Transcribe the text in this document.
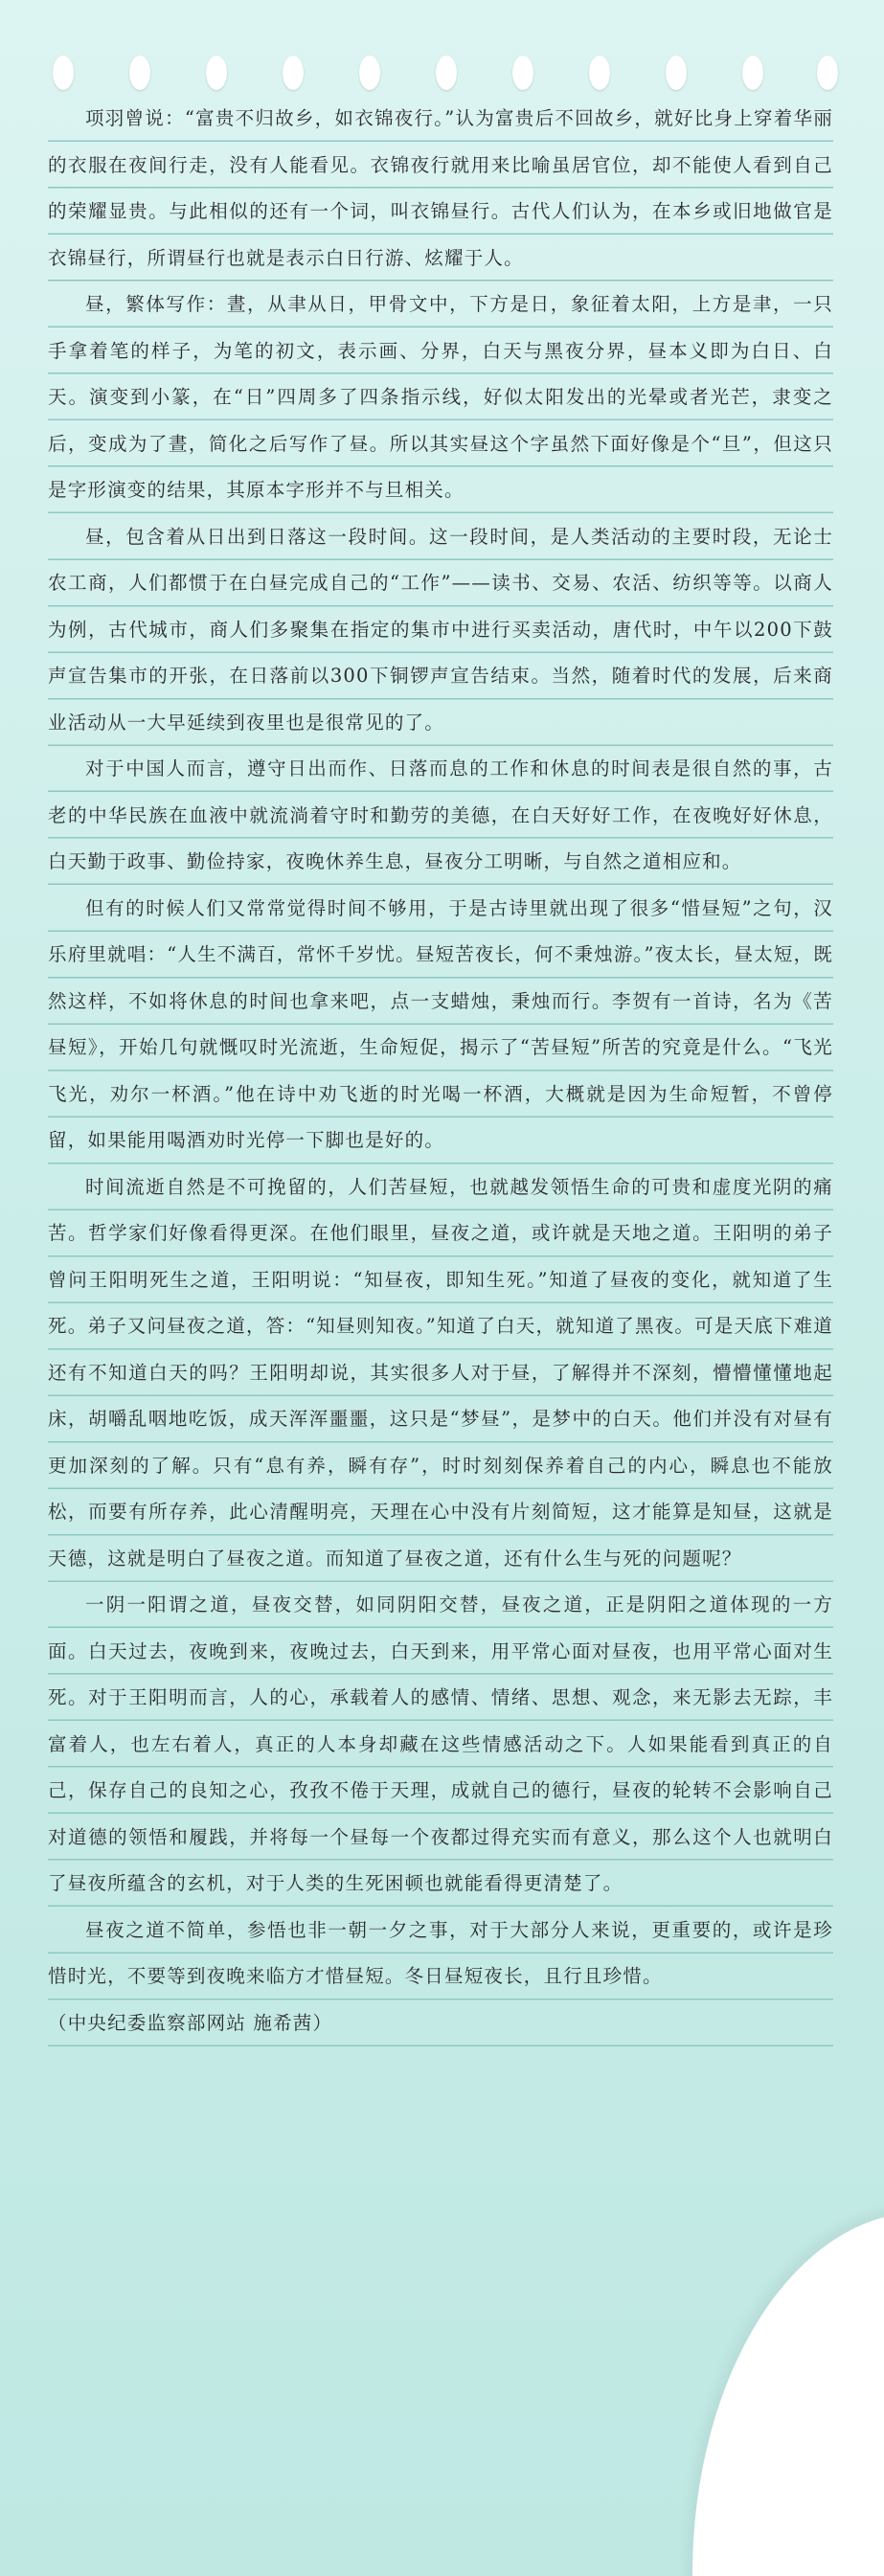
项羽曾说：“富贵不归故乡，如衣锦夜行。”认为富贵后不回故乡，就好比身上穿着华丽的衣服在夜间行走，没有人能看见。衣锦夜行就用来比喻虽居官位，却不能使人看到自己的荣耀显贵。与此相似的还有一个词，叫衣锦昼行。古代人们认为，在本乡或旧地做官是衣锦昼行，所谓昼行也就是表示白日行游、炫耀于人。

昼，繁体写作：晝，从聿从日，甲骨文中，下方是日，象征着太阳，上方是聿，一只手拿着笔的样子，为笔的初文，表示画、分界，白天与黑夜分界，昼本义即为白日、白天。演变到小篆，在“日”四周多了四条指示线，好似太阳发出的光晕或者光芒，隶变之后，变成为了晝，简化之后写作了昼。所以其实昼这个字虽然下面好像是个“旦”，但这只是字形演变的结果，其原本字形并不与旦相关。

昼，包含着从日出到日落这一段时间。这一段时间，是人类活动的主要时段，无论士农工商，人们都惯于在白昼完成自己的“工作”——读书、交易、农活、纺织等等。以商人为例，古代城市，商人们多聚集在指定的集市中进行买卖活动，唐代时，中午以200下鼓声宣告集市的开张，在日落前以300下铜锣声宣告结束。当然，随着时代的发展，后来商业活动从一大早延续到夜里也是很常见的了。

对于中国人而言，遵守日出而作、日落而息的工作和休息的时间表是很自然的事，古老的中华民族在血液中就流淌着守时和勤劳的美德，在白天好好工作，在夜晚好好休息，白天勤于政事、勤俭持家，夜晚休养生息，昼夜分工明晰，与自然之道相应和。

但有的时候人们又常常觉得时间不够用，于是古诗里就出现了很多“惜昼短”之句，汉乐府里就唱：“人生不满百，常怀千岁忧。昼短苦夜长，何不秉烛游。”夜太长，昼太短，既然这样，不如将休息的时间也拿来吧，点一支蜡烛，秉烛而行。李贺有一首诗，名为《苦昼短》，开始几句就慨叹时光流逝，生命短促，揭示了“苦昼短”所苦的究竟是什么。“飞光飞光，劝尔一杯酒。”他在诗中劝飞逝的时光喝一杯酒，大概就是因为生命短暂，不曾停留，如果能用喝酒劝时光停一下脚也是好的。

时间流逝自然是不可挽留的，人们苦昼短，也就越发领悟生命的可贵和虚度光阴的痛苦。哲学家们好像看得更深。在他们眼里，昼夜之道，或许就是天地之道。王阳明的弟子曾问王阳明死生之道，王阳明说：“知昼夜，即知生死。”知道了昼夜的变化，就知道了生死。弟子又问昼夜之道，答：“知昼则知夜。”知道了白天，就知道了黑夜。可是天底下难道还有不知道白天的吗？王阳明却说，其实很多人对于昼，了解得并不深刻，懵懵懂懂地起床，胡嚼乱咽地吃饭，成天浑浑噩噩，这只是“梦昼”，是梦中的白天。他们并没有对昼有更加深刻的了解。只有“息有养，瞬有存”，时时刻刻保养着自己的内心，瞬息也不能放松，而要有所存养，此心清醒明亮，天理在心中没有片刻简短，这才能算是知昼，这就是天德，这就是明白了昼夜之道。而知道了昼夜之道，还有什么生与死的问题呢？

一阴一阳谓之道，昼夜交替，如同阴阳交替，昼夜之道，正是阴阳之道体现的一方面。白天过去，夜晚到来，夜晚过去，白天到来，用平常心面对昼夜，也用平常心面对生死。对于王阳明而言，人的心，承载着人的感情、情绪、思想、观念，来无影去无踪，丰富着人，也左右着人，真正的人本身却藏在这些情感活动之下。人如果能看到真正的自己，保存自己的良知之心，孜孜不倦于天理，成就自己的德行，昼夜的轮转不会影响自己对道德的领悟和履践，并将每一个昼每一个夜都过得充实而有意义，那么这个人也就明白了昼夜所蕴含的玄机，对于人类的生死困顿也就能看得更清楚了。

昼夜之道不简单，参悟也非一朝一夕之事，对于大部分人来说，更重要的，或许是珍惜时光，不要等到夜晚来临方才惜昼短。冬日昼短夜长，且行且珍惜。

（中央纪委监察部网站 施希茜）
